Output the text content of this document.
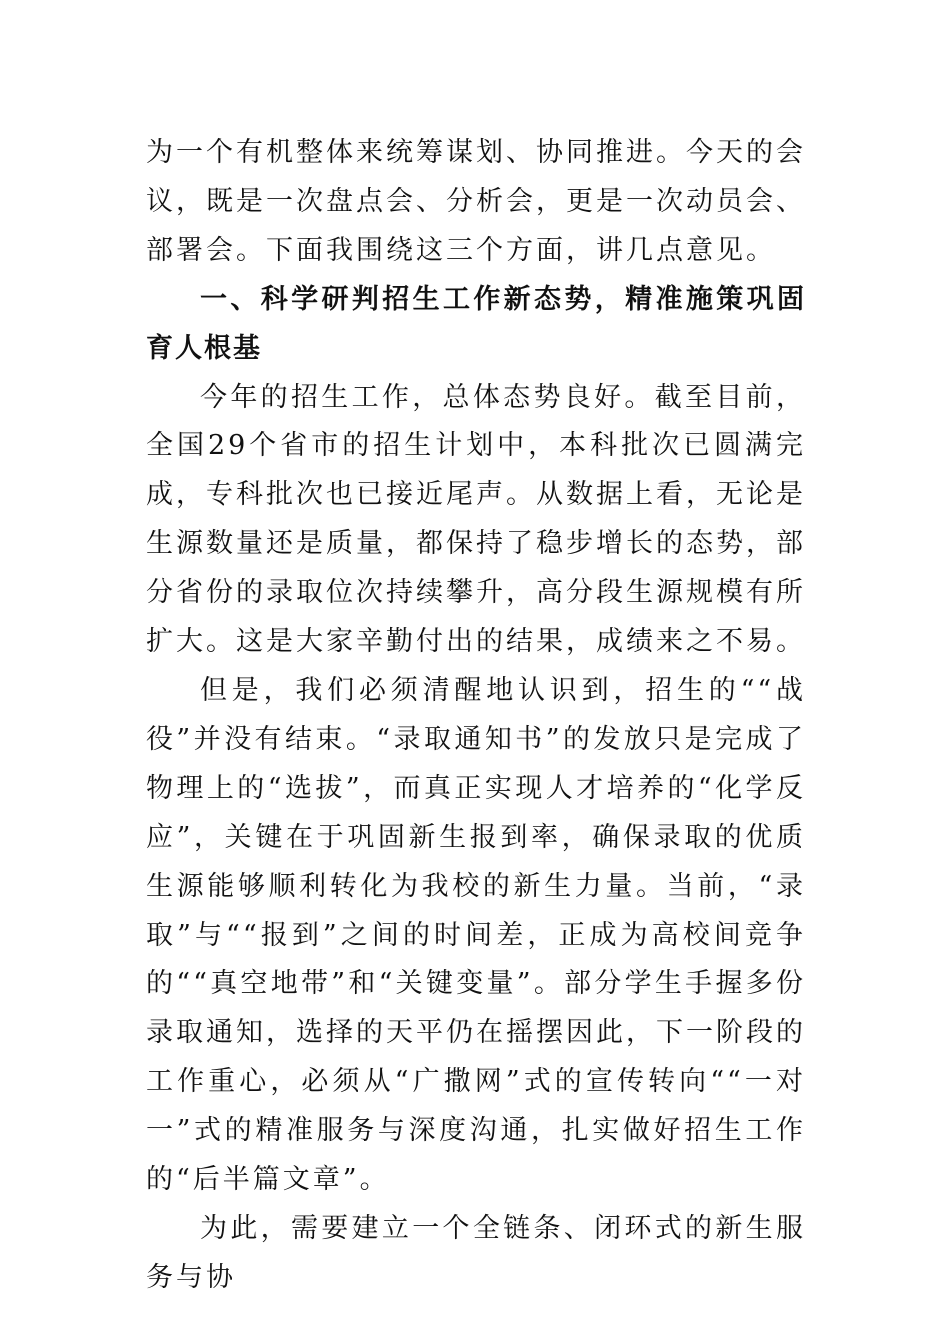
为一个有机整体来统筹谋划、协同推进。今天的会议，既是一次盘点会、分析会，更是一次动员会、部署会。下面我围绕这三个方面，讲几点意见。

一、科学研判招生工作新态势，精准施策巩固育人根基

今年的招生工作，总体态势良好。截至目前，全国29个省市的招生计划中，本科批次已圆满完成，专科批次也已接近尾声。从数据上看，无论是生源数量还是质量，都保持了稳步增长的态势，部分省份的录取位次持续攀升，高分段生源规模有所扩大。这是大家辛勤付出的结果，成绩来之不易。

但是，我们必须清醒地认识到，招生的““战役”并没有结束。“录取通知书”的发放只是完成了物理上的“选拔”，而真正实现人才培养的“化学反应”，关键在于巩固新生报到率，确保录取的优质生源能够顺利转化为我校的新生力量。当前，“录取”与““报到”之间的时间差，正成为高校间竞争的““真空地带”和“关键变量”。部分学生手握多份录取通知，选择的天平仍在摇摆因此，下一阶段的工作重心，必须从“广撒网”式的宣传转向““一对一”式的精准服务与深度沟通，扎实做好招生工作的“后半篇文章”。

为此，需要建立一个全链条、闭环式的新生服务与协
